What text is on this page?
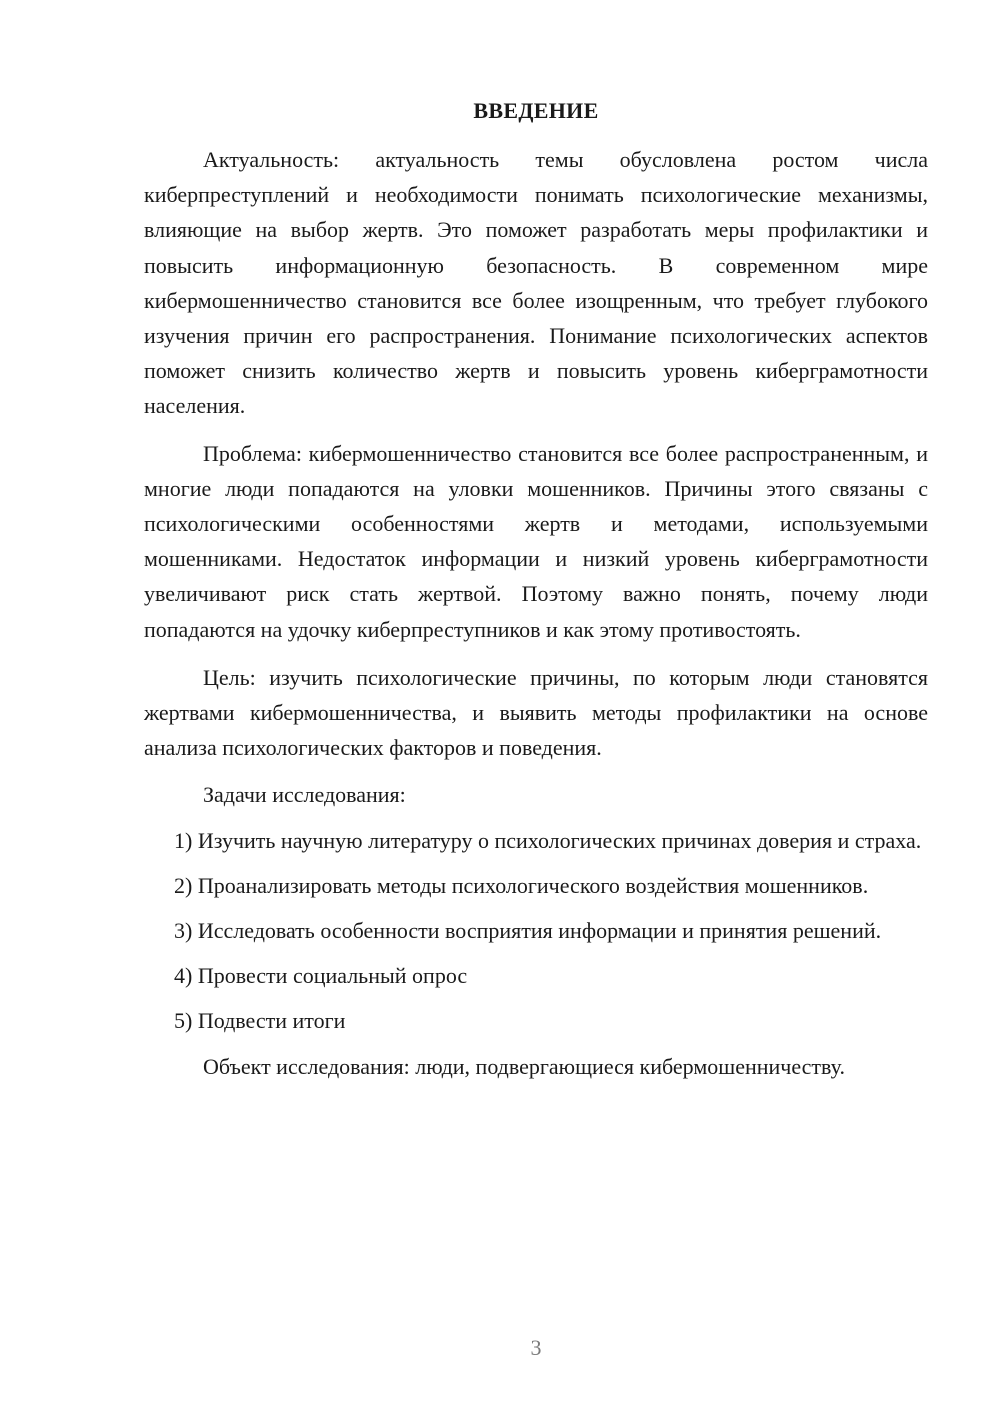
ВВЕДЕНИЕ

Актуальность: актуальность темы обусловлена ростом числа киберпреступлений и необходимости понимать психологические механизмы, влияющие на выбор жертв. Это поможет разработать меры профилактики и повысить информационную безопасность. В современном мире кибермошенничество становится все более изощренным, что требует глубокого изучения причин его распространения. Понимание психологических аспектов поможет снизить количество жертв и повысить уровень киберграмотности населения.

Проблема: кибермошенничество становится все более распространенным, и многие люди попадаются на уловки мошенников. Причины этого связаны с психологическими особенностями жертв и методами, используемыми мошенниками. Недостаток информации и низкий уровень киберграмотности увеличивают риск стать жертвой. Поэтому важно понять, почему люди попадаются на удочку киберпреступников и как этому противостоять.

Цель: изучить психологические причины, по которым люди становятся жертвами кибермошенничества, и выявить методы профилактики на основе анализа психологических факторов и поведения.

Задачи исследования:

1) Изучить научную литературу о психологических причинах доверия и страха.

2) Проанализировать методы психологического воздействия мошенников.

3) Исследовать особенности восприятия информации и принятия решений.

4) Провести социальный опрос

5) Подвести итоги

Объект исследования: люди, подвергающиеся кибермошенничеству.

3
